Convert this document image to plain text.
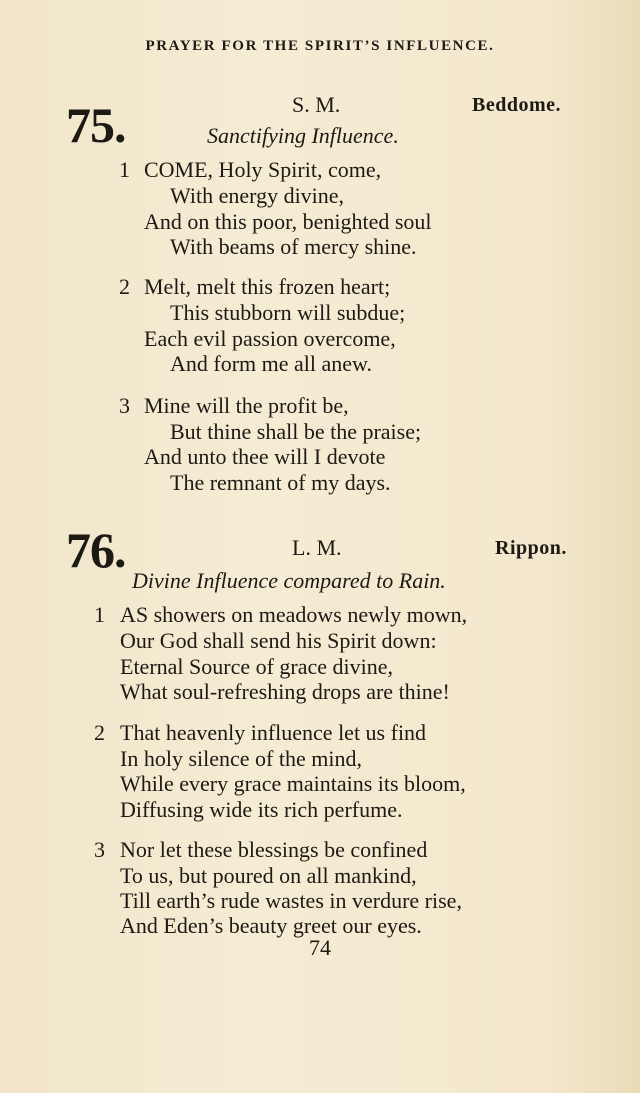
PRAYER FOR THE SPIRIT’S INFLUENCE.
75.	S. M.	Beddome.
Sanctifying Influence.
1 COME, Holy Spirit, come,
With energy divine,
And on this poor, benighted soul
With beams of mercy shine.
2 Melt, melt this frozen heart;
This stubborn will subdue;
Each evil passion overcome,
And form me all anew.
3 Mine will the profit be,
But thine shall be the praise;
And unto thee will I devote
The remnant of my days.
76.	L. M.	Rippon.
Divine Influence compared to Rain.
1 AS showers on meadows newly mown,
Our God shall send his Spirit down:
Eternal Source of grace divine,
What soul-refreshing drops are thine!
2 That heavenly influence let us find
In holy silence of the mind,
While every grace maintains its bloom,
Diffusing wide its rich perfume.
3 Nor let these blessings be confined
To us, but poured on all mankind,
Till earth’s rude wastes in verdure rise,
And Eden’s beauty greet our eyes.
74
